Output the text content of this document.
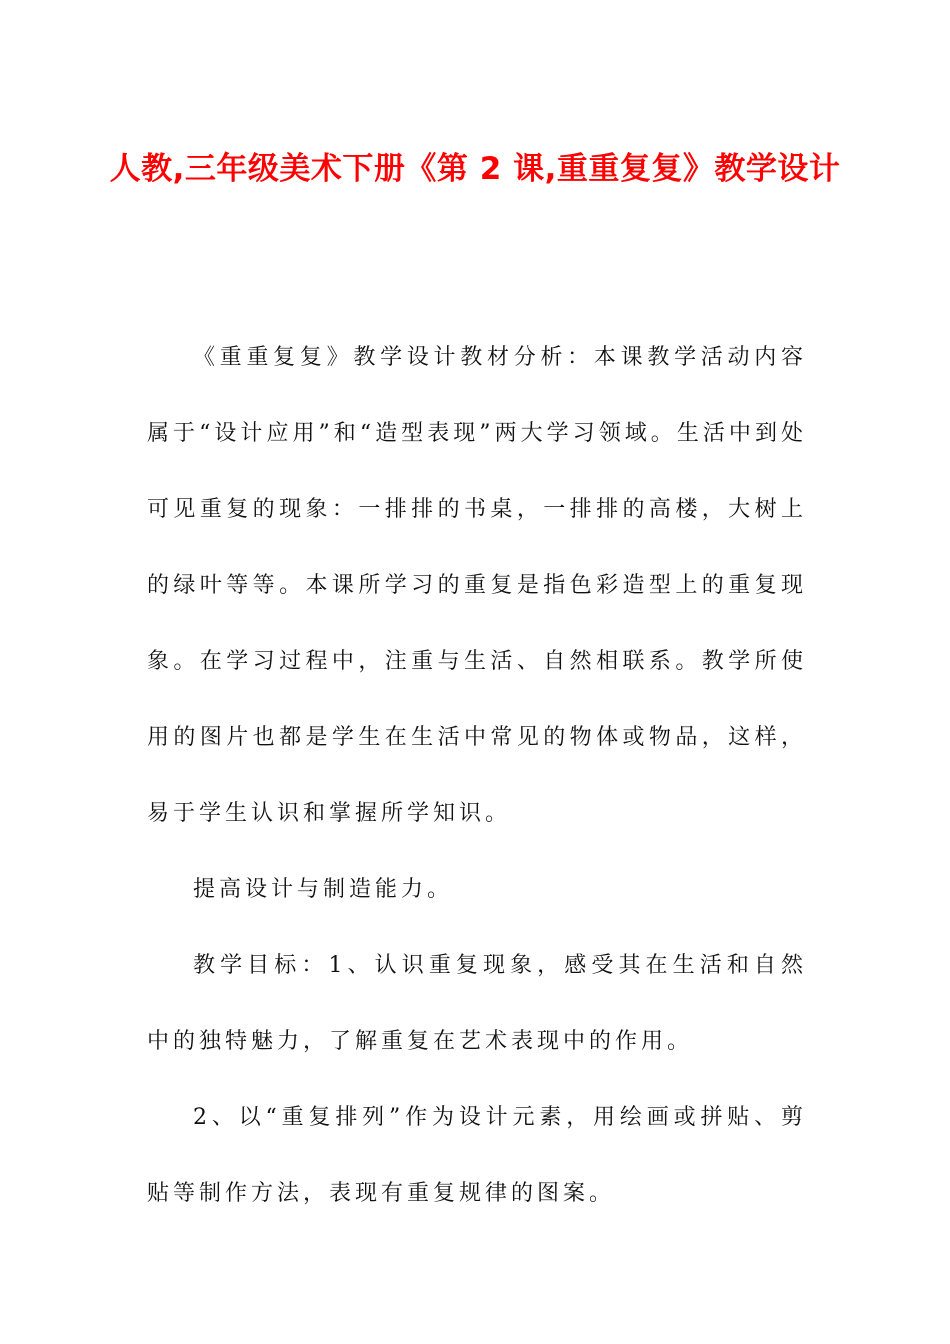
人教,三年级美术下册《第 2 课,重重复复》教学设计

《重重复复》教学设计教材分析：本课教学活动内容属于“设计应用”和“造型表现”两大学习领域。生活中到处可见重复的现象：一排排的书桌，一排排的高楼，大树上的绿叶等等。本课所学习的重复是指色彩造型上的重复现象。在学习过程中，注重与生活、自然相联系。教学所使用的图片也都是学生在生活中常见的物体或物品，这样，易于学生认识和掌握所学知识。

提高设计与制造能力。

教学目标：1、认识重复现象，感受其在生活和自然中的独特魅力，了解重复在艺术表现中的作用。

2、以“重复排列”作为设计元素，用绘画或拼贴、剪贴等制作方法，表现有重复规律的图案。
